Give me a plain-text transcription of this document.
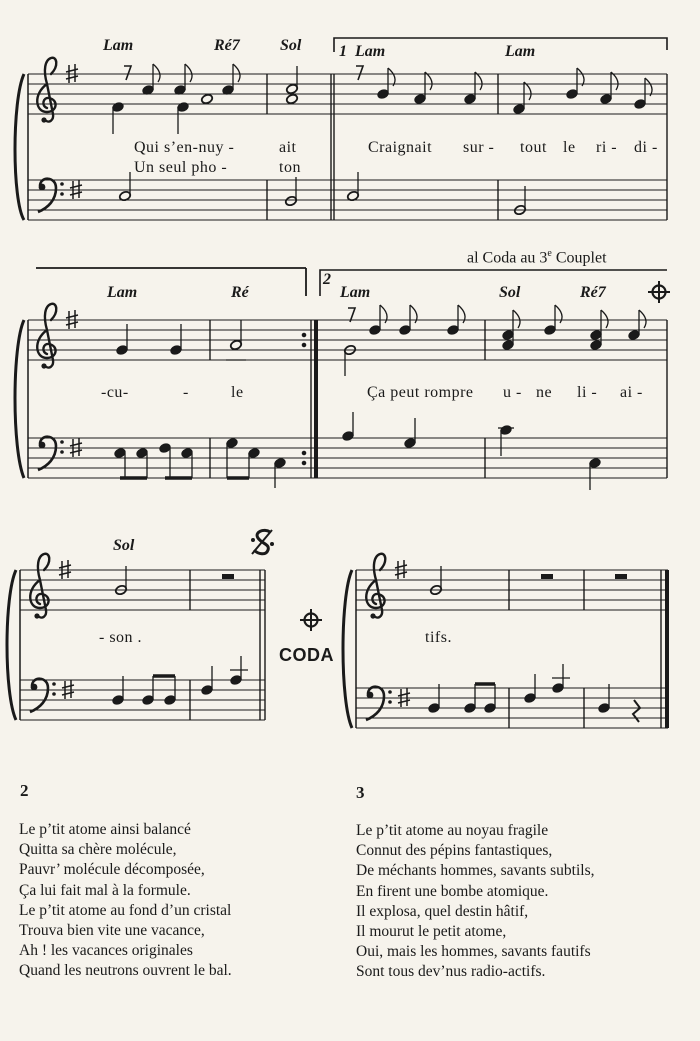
Lam	Ré7	Sol	Lam	Lam
1
Qui s’en-nuy -	ait	Craignait sur - tout le ri - di -
Un seul pho -	ton
al Coda au 3e Couplet
Lam	Ré	Lam	Sol	Ré7
2
-cu-	-	le	Ça peut rompre u - ne li - ai -
Sol
- son .
CODA
tifs.
2
Le p’tit atome ainsi balancé
Quitta sa chère molécule,
Pauvr’ molécule décomposée,
Ça lui fait mal à la formule.
Le p’tit atome au fond d’un cristal
Trouva bien vite une vacance,
Ah ! les vacances originales
Quand les neutrons ouvrent le bal.
3
Le p’tit atome au noyau fragile
Connut des pépins fantastiques,
De méchants hommes, savants subtils,
En firent une bombe atomique.
Il explosa, quel destin hâtif,
Il mourut le petit atome,
Oui, mais les hommes, savants fautifs
Sont tous dev’nus radio-actifs.
